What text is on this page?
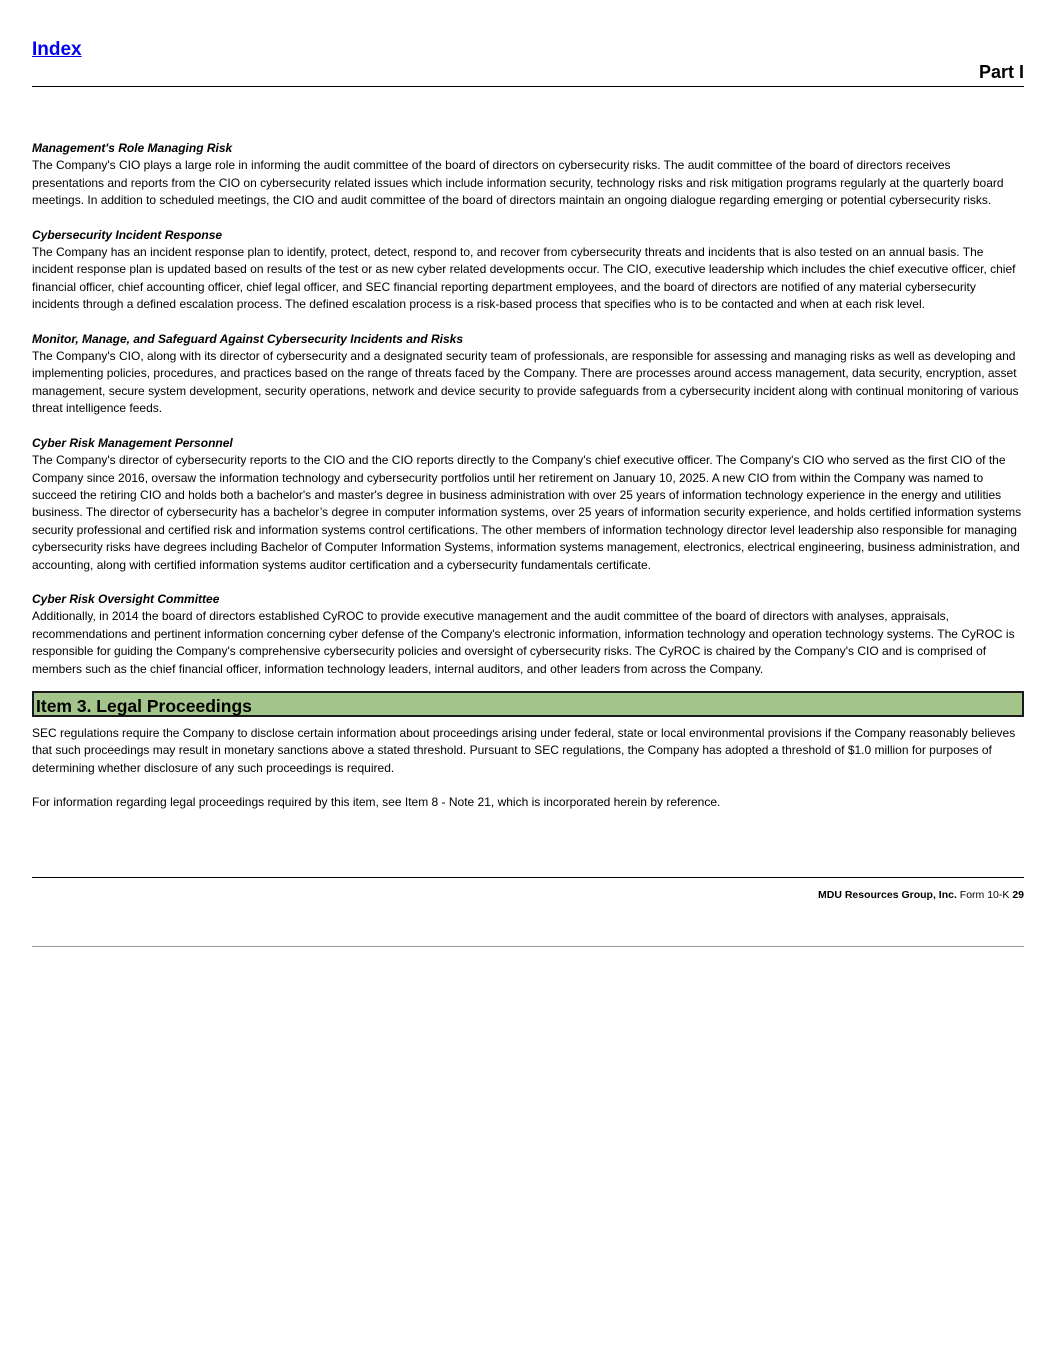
Index
Part I

Management's Role Managing Risk

The Company's CIO plays a large role in informing the audit committee of the board of directors on cybersecurity risks. The audit committee of the board of directors receives presentations and reports from the CIO on cybersecurity related issues which include information security, technology risks and risk mitigation programs regularly at the quarterly board meetings. In addition to scheduled meetings, the CIO and audit committee of the board of directors maintain an ongoing dialogue regarding emerging or potential cybersecurity risks.

Cybersecurity Incident Response

The Company has an incident response plan to identify, protect, detect, respond to, and recover from cybersecurity threats and incidents that is also tested on an annual basis. The incident response plan is updated based on results of the test or as new cyber related developments occur. The CIO, executive leadership which includes the chief executive officer, chief financial officer, chief accounting officer, chief legal officer, and SEC financial reporting department employees, and the board of directors are notified of any material cybersecurity incidents through a defined escalation process. The defined escalation process is a risk-based process that specifies who is to be contacted and when at each risk level.

Monitor, Manage, and Safeguard Against Cybersecurity Incidents and Risks

The Company's CIO, along with its director of cybersecurity and a designated security team of professionals, are responsible for assessing and managing risks as well as developing and implementing policies, procedures, and practices based on the range of threats faced by the Company. There are processes around access management, data security, encryption, asset management, secure system development, security operations, network and device security to provide safeguards from a cybersecurity incident along with continual monitoring of various threat intelligence feeds.

Cyber Risk Management Personnel

The Company's director of cybersecurity reports to the CIO and the CIO reports directly to the Company's chief executive officer. The Company's CIO who served as the first CIO of the Company since 2016, oversaw the information technology and cybersecurity portfolios until her retirement on January 10, 2025. A new CIO from within the Company was named to succeed the retiring CIO and holds both a bachelor's and master's degree in business administration with over 25 years of information technology experience in the energy and utilities business. The director of cybersecurity has a bachelor’s degree in computer information systems, over 25 years of information security experience, and holds certified information systems security professional and certified risk and information systems control certifications. The other members of information technology director level leadership also responsible for managing cybersecurity risks have degrees including Bachelor of Computer Information Systems, information systems management, electronics, electrical engineering, business administration, and accounting, along with certified information systems auditor certification and a cybersecurity fundamentals certificate.

Cyber Risk Oversight Committee

Additionally, in 2014 the board of directors established CyROC to provide executive management and the audit committee of the board of directors with analyses, appraisals, recommendations and pertinent information concerning cyber defense of the Company's electronic information, information technology and operation technology systems. The CyROC is responsible for guiding the Company's comprehensive cybersecurity policies and oversight of cybersecurity risks. The CyROC is chaired by the Company's CIO and is comprised of members such as the chief financial officer, information technology leaders, internal auditors, and other leaders from across the Company.

Item 3. Legal Proceedings

SEC regulations require the Company to disclose certain information about proceedings arising under federal, state or local environmental provisions if the Company reasonably believes that such proceedings may result in monetary sanctions above a stated threshold. Pursuant to SEC regulations, the Company has adopted a threshold of $1.0 million for purposes of determining whether disclosure of any such proceedings is required.

For information regarding legal proceedings required by this item, see Item 8 - Note 21, which is incorporated herein by reference.

MDU Resources Group, Inc. Form 10-K 29
